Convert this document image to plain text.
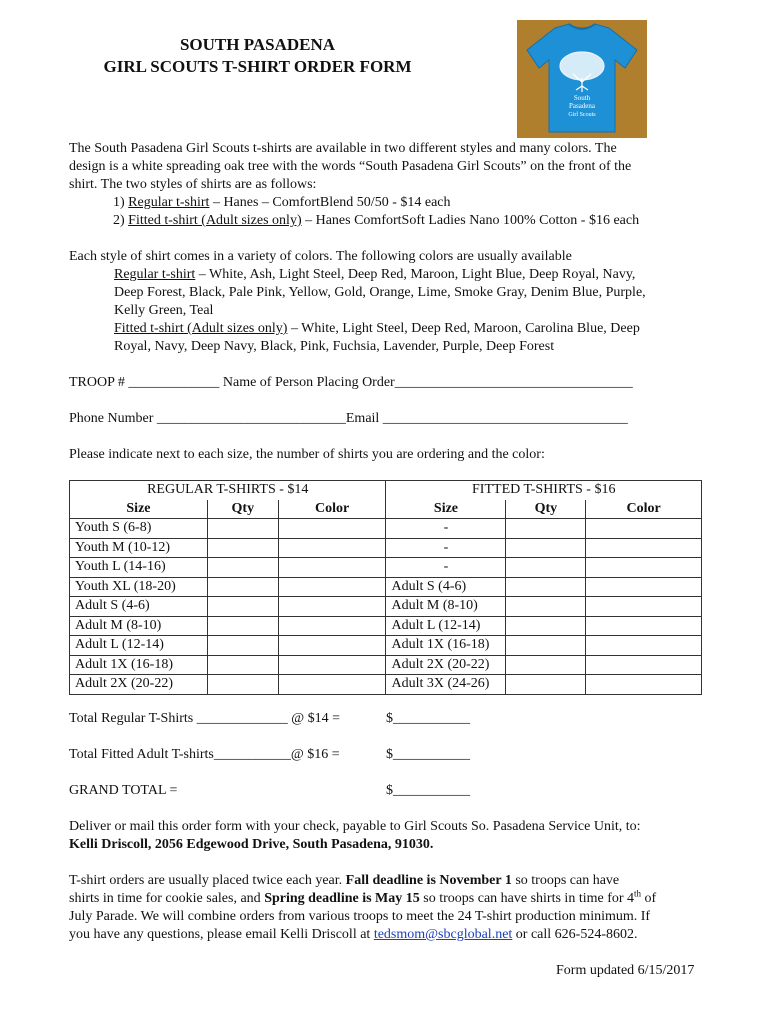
SOUTH PASADENA
GIRL SCOUTS T-SHIRT ORDER FORM
South
Pasadena
Girl Scouts

The South Pasadena Girl Scouts t-shirts are available in two different styles and many colors. The

design is a white spreading oak tree with the words “South Pasadena Girl Scouts” on the front of the

shirt. The two styles of shirts are as follows:

1) Regular t-shirt – Hanes – ComfortBlend 50/50 - $14 each

2) Fitted t-shirt (Adult sizes only) – Hanes ComfortSoft Ladies Nano 100% Cotton - $16 each

Each style of shirt comes in a variety of colors. The following colors are usually available

Regular t-shirt – White, Ash, Light Steel, Deep Red, Maroon, Light Blue, Deep Royal, Navy,

Deep Forest, Black, Pale Pink, Yellow, Gold, Orange, Lime, Smoke Gray, Denim Blue, Purple,

Kelly Green, Teal

Fitted t-shirt (Adult sizes only) – White, Light Steel, Deep Red, Maroon, Carolina Blue, Deep

Royal, Navy, Deep Navy, Black, Pink, Fuchsia, Lavender, Purple, Deep Forest

TROOP # _____________ Name of Person Placing Order__________________________________

Phone Number ___________________________Email ___________________________________

Please indicate next to each size, the number of shirts you are ordering and the color:

REGULAR T-SHIRTS - $14			FITTED T-SHIRTS - $16		
Size	Qty	Color	Size	Qty	Color
Youth S (6-8)			-		
Youth M (10-12)			-		
Youth L (14-16)			-		
Youth XL (18-20)			Adult S (4-6)		
Adult S (4-6)			Adult M (8-10)		
Adult M (8-10)			Adult L (12-14)		
Adult L (12-14)			Adult 1X (16-18)		
Adult 1X (16-18)			Adult 2X (20-22)		
Adult 2X (20-22)			Adult 3X (24-26)		

Total Regular T-Shirts _____________ @ $14 =	$___________

Total Fitted Adult T-shirts___________@ $16 =	$___________

GRAND TOTAL =	$___________

Deliver or mail this order form with your check, payable to Girl Scouts So. Pasadena Service Unit, to:

Kelli Driscoll, 2056 Edgewood Drive, South Pasadena, 91030.

T-shirt orders are usually placed twice each year. Fall deadline is November 1 so troops can have

shirts in time for cookie sales, and Spring deadline is May 15 so troops can have shirts in time for 4th of

July Parade. We will combine orders from various troops to meet the 24 T-shirt production minimum. If

you have any questions, please email Kelli Driscoll at tedsmom@sbcglobal.net or call 626-524-8602.

Form updated 6/15/2017
